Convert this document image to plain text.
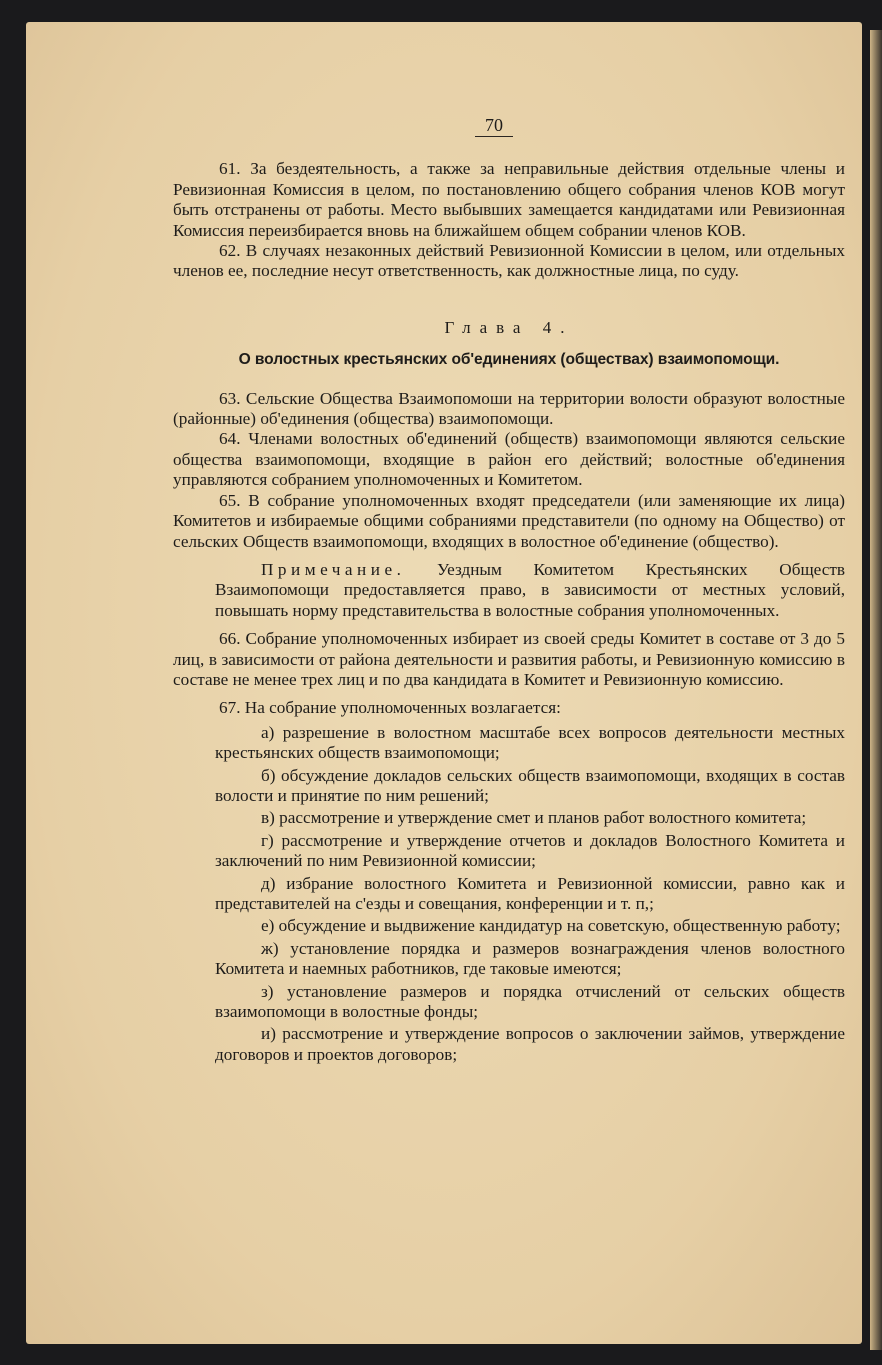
70

61. За бездеятельность, а также за неправильные действия отдельные члены и Ревизионная Комиссия в целом, по постановлению общего собрания членов КОВ могут быть отстранены от работы. Место выбывших замещается кандидатами или Ревизионная Комиссия переизбирается вновь на ближайшем общем собрании членов КОВ.

62. В случаях незаконных действий Ревизионной Комиссии в целом, или отдельных членов ее, последние несут ответственность, как должностные лица, по суду.

Глава 4.

О волостных крестьянских об'единениях (обществах) взаимопомощи.

63. Сельские Общества Взаимопомоши на территории волости образуют волостные (районные) об'единения (общества) взаимопомощи.

64. Членами волостных об'единений (обществ) взаимопомощи являются сельские общества взаимопомощи, входящие в район его действий; волостные об'единения управляются собранием уполномоченных и Комитетом.

65. В собрание уполномоченных входят председатели (или заменяющие их лица) Комитетов и избираемые общими собраниями представители (по одному на Общество) от сельских Обществ взаимопомощи, входящих в волостное об'единение (общество).

Примечание. Уездным Комитетом Крестьянских Обществ Взаимопомощи предоставляется право, в зависимости от местных условий, повышать норму представительства в волостные собрания уполномоченных.

66. Собрание уполномоченных избирает из своей среды Комитет в составе от 3 до 5 лиц, в зависимости от района деятельности и развития работы, и Ревизионную комиссию в составе не менее трех лиц и по два кандидата в Комитет и Ревизионную комиссию.

67. На собрание уполномоченных возлагается:

а) разрешение в волостном масштабе всех вопросов деятельности местных крестьянских обществ взаимопомощи;

б) обсуждение докладов сельских обществ взаимопомощи, входящих в состав волости и принятие по ним решений;

в) рассмотрение и утверждение смет и планов работ волостного комитета;

г) рассмотрение и утверждение отчетов и докладов Волостного Комитета и заключений по ним Ревизионной комиссии;

д) избрание волостного Комитета и Ревизионной комиссии, равно как и представителей на с'езды и совещания, конференции и т. п,;

е) обсуждение и выдвижение кандидатур на советскую, общественную работу;

ж) установление порядка и размеров вознаграждения членов волостного Комитета и наемных работников, где таковые имеются;

з) установление размеров и порядка отчислений от сельских обществ взаимопомощи в волостные фонды;

и) рассмотрение и утверждение вопросов о заключении займов, утверждение договоров и проектов договоров;
